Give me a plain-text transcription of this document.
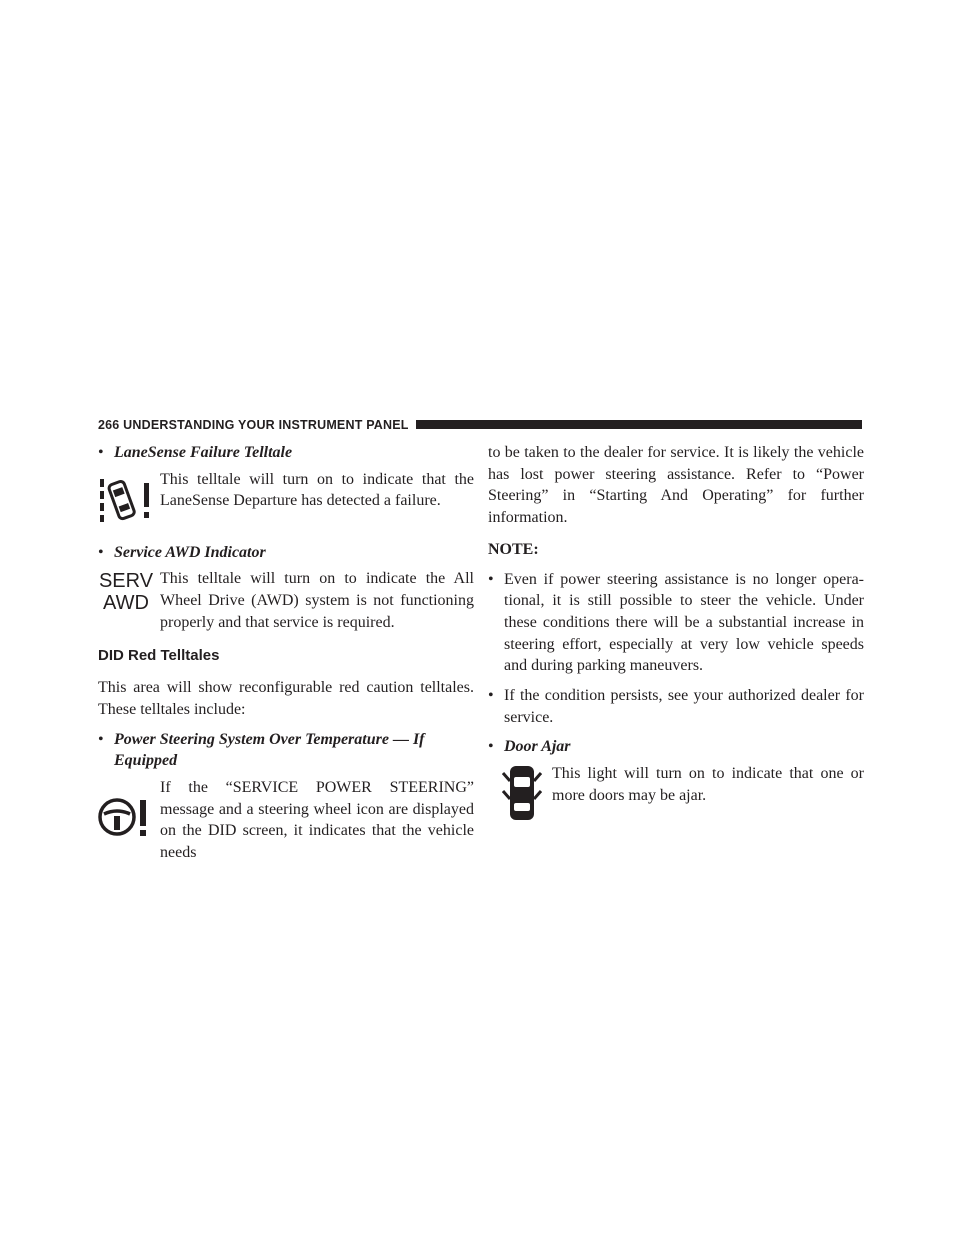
266 UNDERSTANDING YOUR INSTRUMENT PANEL
• LaneSense Failure Telltale

This telltale will turn on to indicate that the LaneSense Departure has detected a failure.

• Service AWD Indicator
SERV
AWD

This telltale will turn on to indicate the All Wheel Drive (AWD) system is not functioning properly and that service is required.

DID Red Telltales

This area will show reconfigurable red caution telltales. These telltales include:

• Power Steering System Over Temperature — If Equipped

If the “SERVICE POWER STEERING” message and a steering wheel icon are displayed on the DID screen, it indicates that the vehicle needs

to be taken to the dealer for service. It is likely the vehicle has lost power steering assistance. Refer to “Power Steering” in “Starting And Operating” for further information.

NOTE:

• Even if power steering assistance is no longer opera- tional, it is still possible to steer the vehicle. Under these conditions there will be a substantial increase in steering effort, especially at very low vehicle speeds and during parking maneuvers.

• If the condition persists, see your authorized dealer for service.

• Door Ajar

This light will turn on to indicate that one or more doors may be ajar.
